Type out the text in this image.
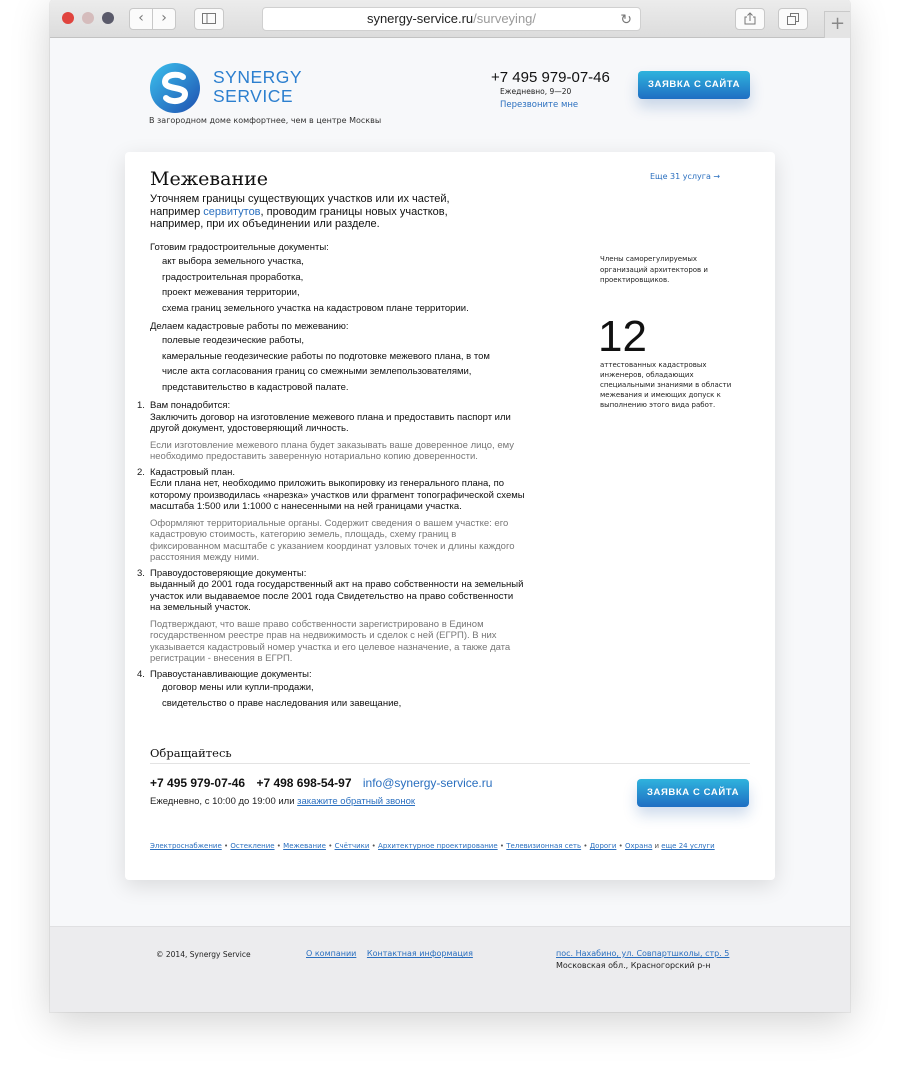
‹	›	synergy-service.ru/surveying/	↻	+
SYNERGY
SERVICE
В загородном доме комфортнее, чем в центре Москвы
+7 495 979-07-46
Ежедневно, 9—20
Перезвоните мне
ЗАЯВКА С САЙТА
Межевание	Еще 31 услуга →
Уточняем границы существующих участков или их частей, например сервитутов, проводим границы новых участков, например, при их объединении или разделе.
Готовим градостроительные документы:
акт выбора земельного участка,
градостроительная проработка,
проект межевания территории,
схема границ земельного участка на кадастровом плане территории.
Делаем кадастровые работы по межеванию:
полевые геодезические работы,
камеральные геодезические работы по подготовке межевого плана, в том
числе акта согласования границ со смежными землепользователями,
представительство в кадастровой палате.
1. Вам понадобится:
Заключить договор на изготовление межевого плана и предоставить паспорт или другой документ, удостоверяющий личность.
Если изготовление межевого плана будет заказывать ваше доверенное лицо, ему необходимо предоставить заверенную нотариально копию доверенности.
2. Кадастровый план.
Если плана нет, необходимо приложить выкопировку из генерального плана, по которому производилась «нарезка» участков или фрагмент топографической схемы масштаба 1:500 или 1:1000 с нанесенными на ней границами участка.
Оформляют территориальные органы. Содержит сведения о вашем участке: его кадастровую стоимость, категорию земель, площадь, схему границ в фиксированном масштабе с указанием координат узловых точек и длины каждого расстояния между ними.
3. Правоудостоверяющие документы:
выданный до 2001 года государственный акт на право собственности на земельный участок или выдаваемое после 2001 года Свидетельство на право собственности на земельный участок.
Подтверждают, что ваше право собственности зарегистрировано в Едином государственном реестре прав на недвижимость и сделок с ней (ЕГРП). В них указывается кадастровый номер участка и его целевое назначение, а также дата регистрации - внесения в ЕГРП.
4. Правоустанавливающие документы:
договор мены или купли-продажи,
свидетельство о праве наследования или завещание,
Члены саморегулируемых организаций архитекторов и проектировщиков.
12
аттестованных кадастровых инженеров, обладающих специальными знаниями в области межевания и имеющих допуск к выполнению этого вида работ.
Обращайтесь
+7 495 979-07-46 +7 498 698-54-97 info@synergy-service.ru
Ежедневно, с 10:00 до 19:00 или закажите обратный звонок
ЗАЯВКА С САЙТА
Электроснабжение • Остекление • Межевание • Счётчики • Архитектурное проектирование • Телевизионная сеть • Дороги • Охрана и еще 24 услуги
© 2014, Synergy Service	О компании Контактная информация	пос. Нахабино, ул. Совпартшколы, стр. 5
Московская обл., Красногорский р-н
